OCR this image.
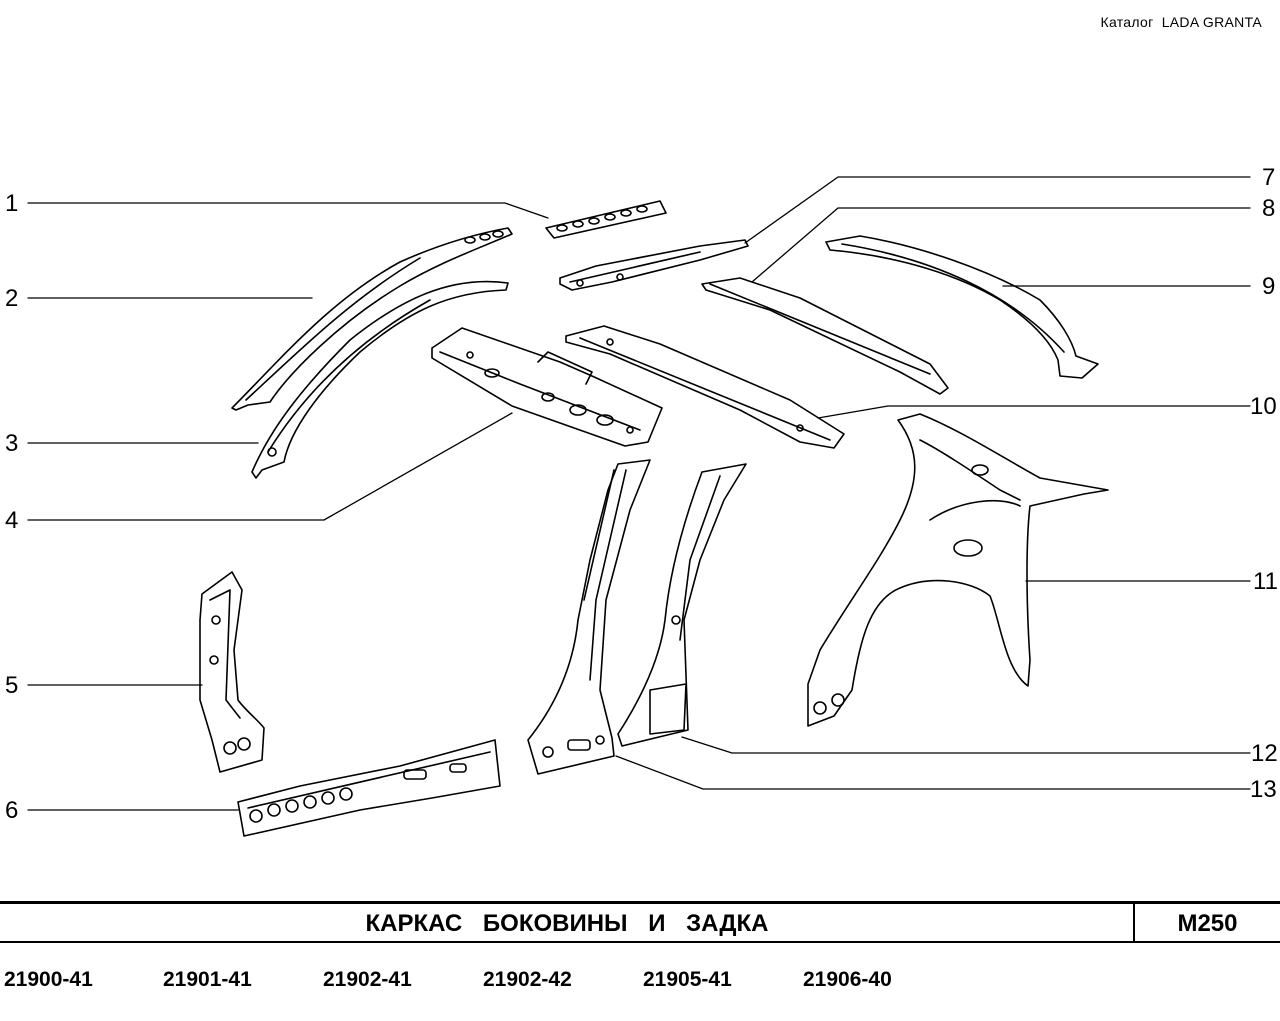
Каталог LADA GRANTA
1
2
3
4
5
6
7
8
9
10
11
12
13
КАРКАС БОКОВИНЫ И ЗАДКА	M250
21900-41	21901-41	21902-41	21902-42	21905-41	21906-40
